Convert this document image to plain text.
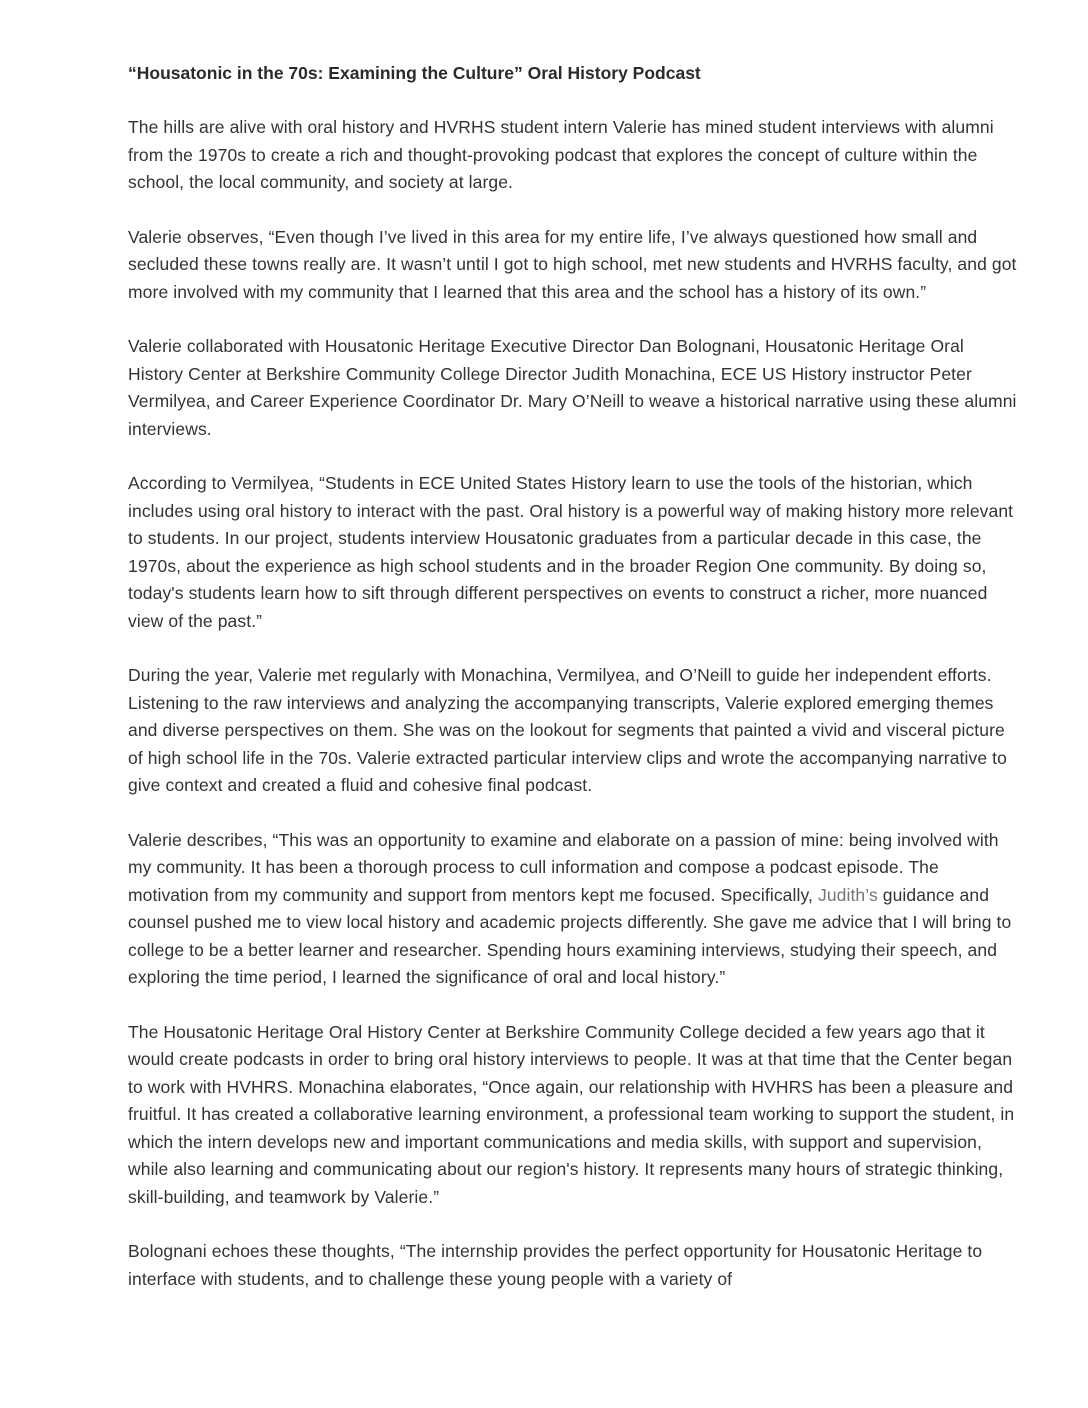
“Housatonic in the 70s: Examining the Culture” Oral History Podcast

The hills are alive with oral history and HVRHS student intern Valerie has mined student interviews with alumni from the 1970s to create a rich and thought-provoking podcast that explores the concept of culture within the school, the local community, and society at large.

Valerie observes, “Even though I’ve lived in this area for my entire life, I’ve always questioned how small and secluded these towns really are. It wasn’t until I got to high school, met new students and HVRHS faculty, and got more involved with my community that I learned that this area and the school has a history of its own.”

Valerie collaborated with Housatonic Heritage Executive Director Dan Bolognani, Housatonic Heritage Oral History Center at Berkshire Community College Director Judith Monachina, ECE US History instructor Peter Vermilyea, and Career Experience Coordinator Dr. Mary O’Neill to weave a historical narrative using these alumni interviews.

According to Vermilyea, “Students in ECE United States History learn to use the tools of the historian, which includes using oral history to interact with the past. Oral history is a powerful way of making history more relevant to students. In our project, students interview Housatonic graduates from a particular decade in this case, the 1970s, about the experience as high school students and in the broader Region One community. By doing so, today's students learn how to sift through different perspectives on events to construct a richer, more nuanced view of the past.”

During the year, Valerie met regularly with Monachina, Vermilyea, and O’Neill to guide her independent efforts. Listening to the raw interviews and analyzing the accompanying transcripts, Valerie explored emerging themes and diverse perspectives on them. She was on the lookout for segments that painted a vivid and visceral picture of high school life in the 70s. Valerie extracted particular interview clips and wrote the accompanying narrative to give context and created a fluid and cohesive final podcast.

Valerie describes, “This was an opportunity to examine and elaborate on a passion of mine: being involved with my community. It has been a thorough process to cull information and compose a podcast episode. The motivation from my community and support from mentors kept me focused. Specifically, Judith’s guidance and counsel pushed me to view local history and academic projects differently. She gave me advice that I will bring to college to be a better learner and researcher. Spending hours examining interviews, studying their speech, and exploring the time period, I learned the significance of oral and local history.”

The Housatonic Heritage Oral History Center at Berkshire Community College decided a few years ago that it would create podcasts in order to bring oral history interviews to people. It was at that time that the Center began to work with HVHRS. Monachina elaborates, “Once again, our relationship with HVHRS has been a pleasure and fruitful. It has created a collaborative learning environment, a professional team working to support the student, in which the intern develops new and important communications and media skills, with support and supervision, while also learning and communicating about our region's history. It represents many hours of strategic thinking, skill-building, and teamwork by Valerie.”

Bolognani echoes these thoughts, “The internship provides the perfect opportunity for Housatonic Heritage to interface with students, and to challenge these young people with a variety of
